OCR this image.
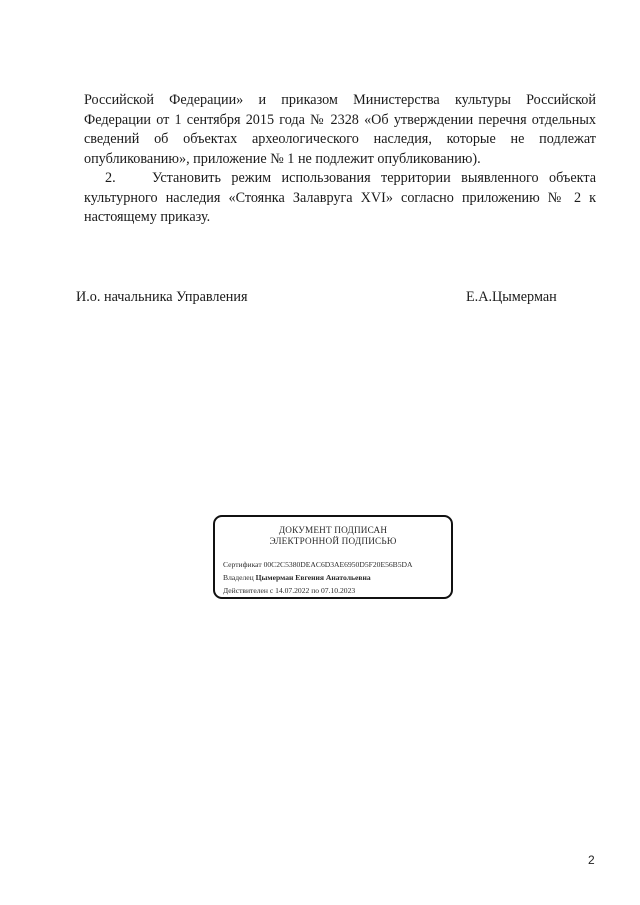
Российской Федерации» и приказом Министерства культуры Российской Федерации от 1 сентября 2015 года № 2328 «Об утверждении перечня отдельных сведений об объектах археологического наследия, которые не подлежат опубликованию», приложение № 1 не подлежит опубликованию).

2.	Установить режим использования территории выявленного объекта культурного наследия «Стоянка Залавруга XVI» согласно приложению № 2 к настоящему приказу.

И.о. начальника Управления	Е.А.Цымерман

ДОКУМЕНТ ПОДПИСАН
ЭЛЕКТРОННОЙ ПОДПИСЬЮ
Сертификат 00C2C5380DEAC6D3AE6950D5F20E56B5DA
Владелец Цымерман Евгения Анатольевна
Действителен с 14.07.2022 по 07.10.2023
2
